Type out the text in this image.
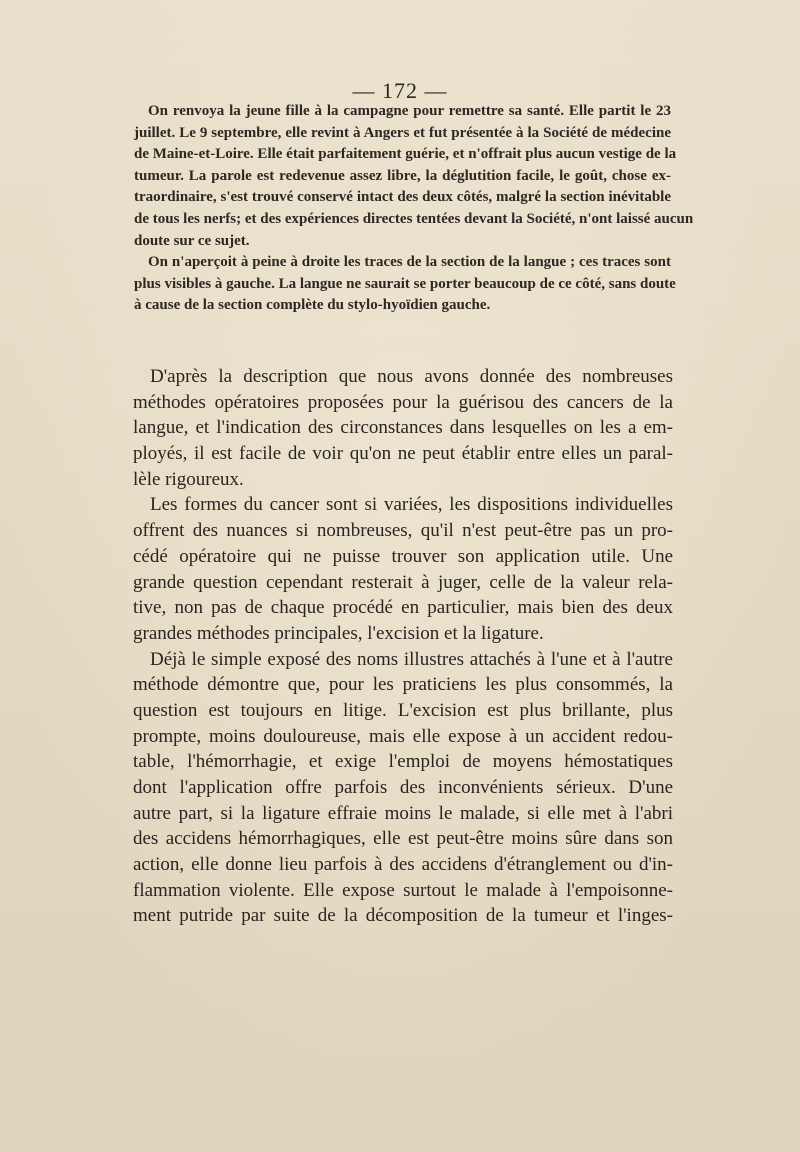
— 172 —
On renvoya la jeune fille à la campagne pour remettre sa santé. Elle partit le 23
juillet. Le 9 septembre, elle revint à Angers et fut présentée à la Société de médecine
de Maine-et-Loire. Elle était parfaitement guérie, et n'offrait plus aucun vestige de la
tumeur. La parole est redevenue assez libre, la déglutition facile, le goût, chose ex-
traordinaire, s'est trouvé conservé intact des deux côtés, malgré la section inévitable
de tous les nerfs; et des expériences directes tentées devant la Société, n'ont laissé aucun
doute sur ce sujet.
On n'aperçoit à peine à droite les traces de la section de la langue ; ces traces sont
plus visibles à gauche. La langue ne saurait se porter beaucoup de ce côté, sans doute
à cause de la section complète du stylo-hyoïdien gauche.
D'après la description que nous avons donnée des nombreuses
méthodes opératoires proposées pour la guérisou des cancers de la
langue, et l'indication des circonstances dans lesquelles on les a em-
ployés, il est facile de voir qu'on ne peut établir entre elles un paral-
lèle rigoureux.
Les formes du cancer sont si variées, les dispositions individuelles
offrent des nuances si nombreuses, qu'il n'est peut-être pas un pro-
cédé opératoire qui ne puisse trouver son application utile. Une
grande question cependant resterait à juger, celle de la valeur rela-
tive, non pas de chaque procédé en particulier, mais bien des deux
grandes méthodes principales, l'excision et la ligature.
Déjà le simple exposé des noms illustres attachés à l'une et à l'autre
méthode démontre que, pour les praticiens les plus consommés, la
question est toujours en litige. L'excision est plus brillante, plus
prompte, moins douloureuse, mais elle expose à un accident redou-
table, l'hémorrhagie, et exige l'emploi de moyens hémostatiques
dont l'application offre parfois des inconvénients sérieux. D'une
autre part, si la ligature effraie moins le malade, si elle met à l'abri
des accidens hémorrhagiques, elle est peut-être moins sûre dans son
action, elle donne lieu parfois à des accidens d'étranglement ou d'in-
flammation violente. Elle expose surtout le malade à l'empoisonne-
ment putride par suite de la décomposition de la tumeur et l'inges-
